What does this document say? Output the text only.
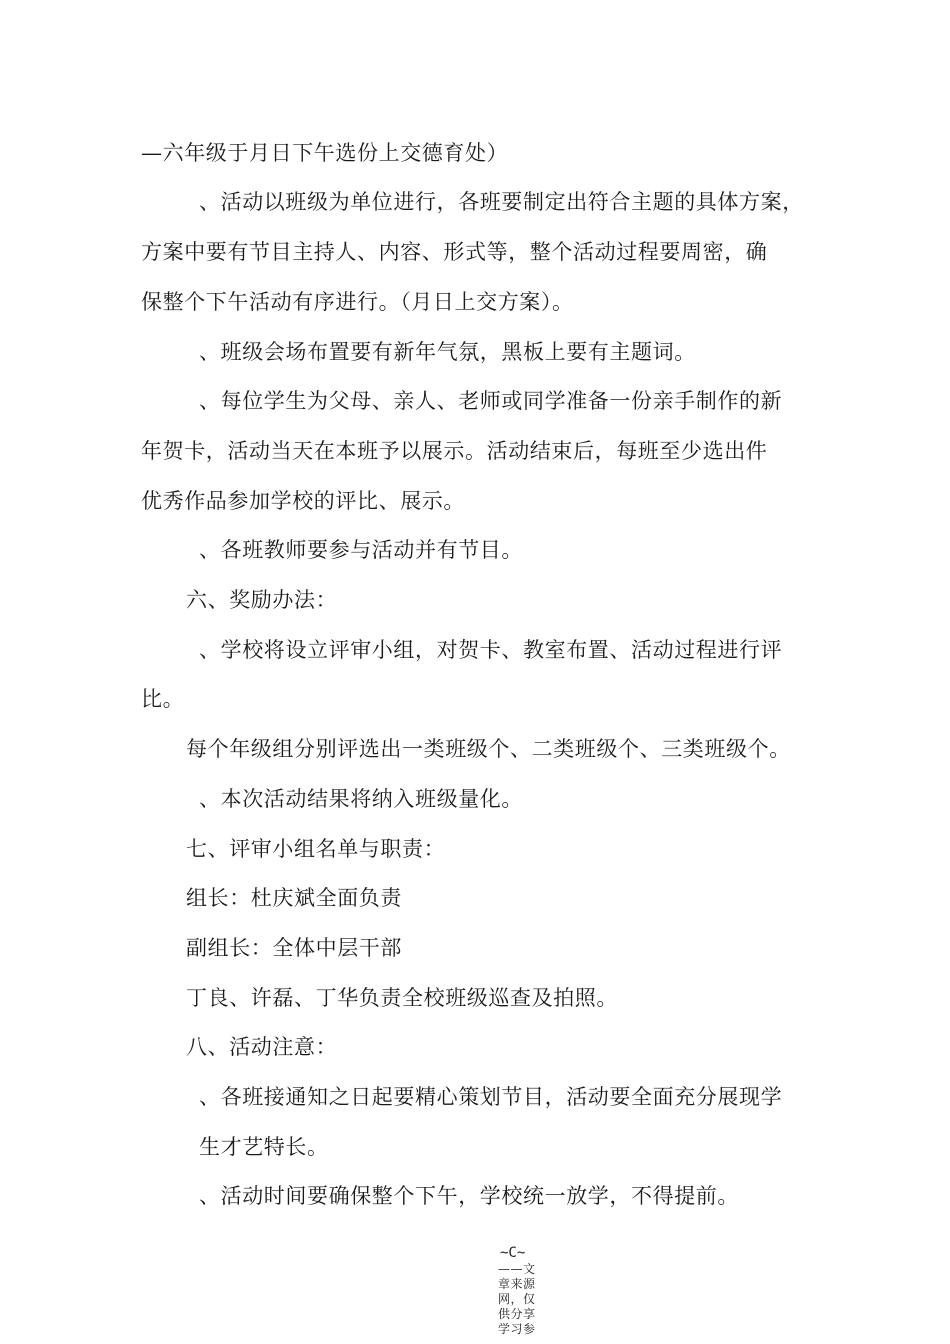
—六年级于月日下午选份上交德育处）
、活动以班级为单位进行，各班要制定出符合主题的具体方案，
方案中要有节目主持人、内容、形式等，整个活动过程要周密，确
保整个下午活动有序进行。（月日上交方案）。
、班级会场布置要有新年气氛，黑板上要有主题词。
、每位学生为父母、亲人、老师或同学准备一份亲手制作的新
年贺卡，活动当天在本班予以展示。活动结束后，每班至少选出件
优秀作品参加学校的评比、展示。
、各班教师要参与活动并有节目。
六、奖励办法：
、学校将设立评审小组，对贺卡、教室布置、活动过程进行评
比。
每个年级组分别评选出一类班级个、二类班级个、三类班级个。
、本次活动结果将纳入班级量化。
七、评审小组名单与职责：
组长：杜庆斌全面负责
副组长：全体中层干部
丁良、许磊、丁华负责全校班级巡查及拍照。
八、活动注意：
、各班接通知之日起要精心策划节目，活动要全面充分展现学
生才艺特长。
、活动时间要确保整个下午，学校统一放学，不得提前。
~C~
——文章来源网，仅供分享学习参
